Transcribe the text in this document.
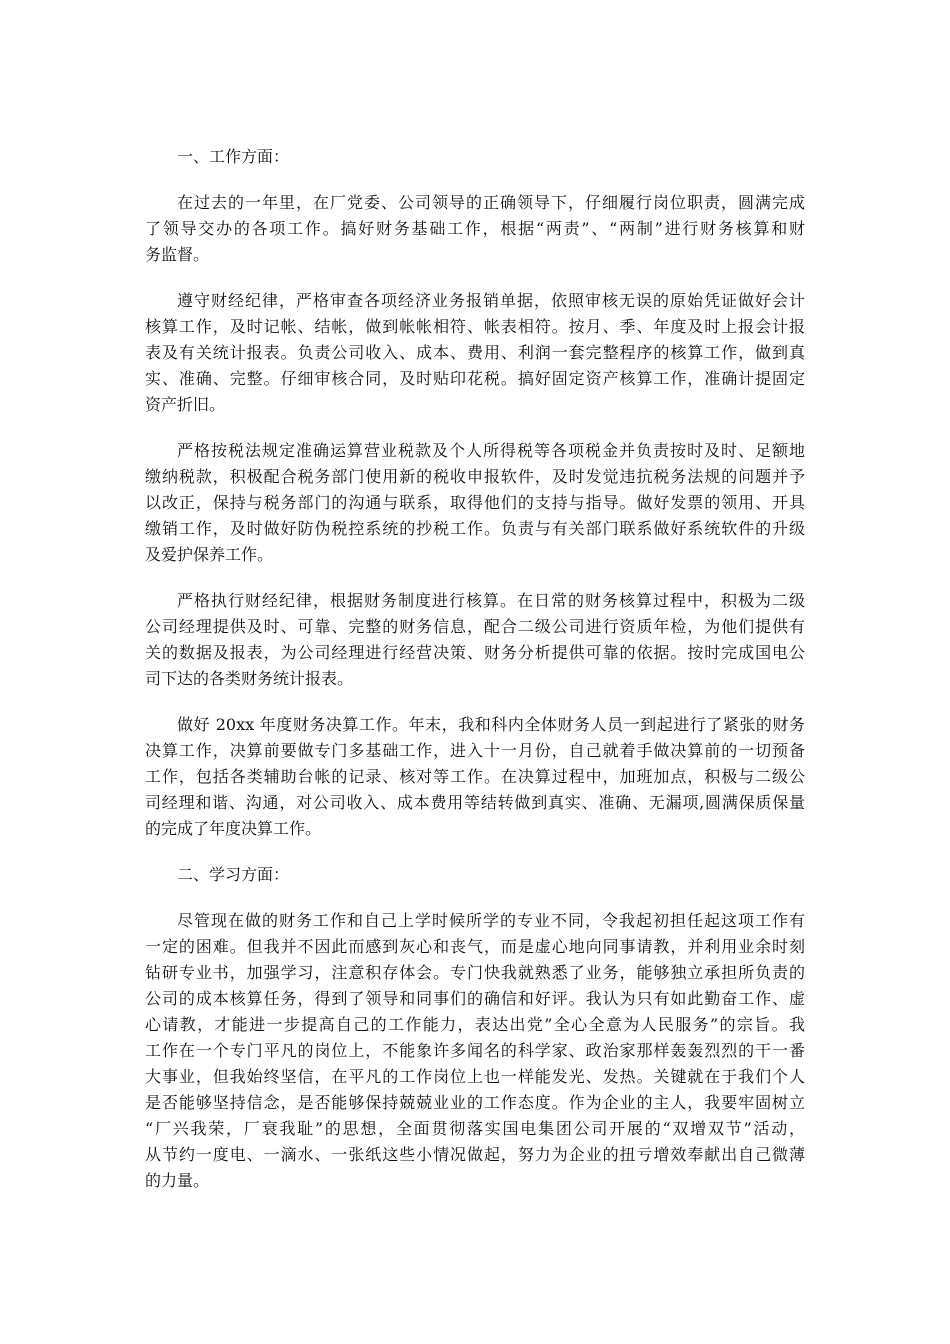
一、工作方面：
在过去的一年里，在厂党委、公司领导的正确领导下，仔细履行岗位职责，圆满完成
了领导交办的各项工作。搞好财务基础工作，根据“两责”、“两制”进行财务核算和财
务监督。
遵守财经纪律，严格审查各项经济业务报销单据，依照审核无误的原始凭证做好会计
核算工作，及时记帐、结帐，做到帐帐相符、帐表相符。按月、季、年度及时上报会计报
表及有关统计报表。负责公司收入、成本、费用、利润一套完整程序的核算工作，做到真
实、准确、完整。仔细审核合同，及时贴印花税。搞好固定资产核算工作，准确计提固定
资产折旧。
严格按税法规定准确运算营业税款及个人所得税等各项税金并负责按时及时、足额地
缴纳税款，积极配合税务部门使用新的税收申报软件，及时发觉违抗税务法规的问题并予
以改正，保持与税务部门的沟通与联系，取得他们的支持与指导。做好发票的领用、开具
缴销工作，及时做好防伪税控系统的抄税工作。负责与有关部门联系做好系统软件的升级
及爱护保养工作。
严格执行财经纪律，根据财务制度进行核算。在日常的财务核算过程中，积极为二级
公司经理提供及时、可靠、完整的财务信息，配合二级公司进行资质年检，为他们提供有
关的数据及报表，为公司经理进行经营决策、财务分析提供可靠的依据。按时完成国电公
司下达的各类财务统计报表。
做好 20xx 年度财务决算工作。年末，我和科内全体财务人员一到起进行了紧张的财务
决算工作，决算前要做专门多基础工作，进入十一月份，自己就着手做决算前的一切预备
工作，包括各类辅助台帐的记录、核对等工作。在决算过程中，加班加点，积极与二级公
司经理和谐、沟通，对公司收入、成本费用等结转做到真实、准确、无漏项,圆满保质保量
的完成了年度决算工作。
二、学习方面：
尽管现在做的财务工作和自己上学时候所学的专业不同，令我起初担任起这项工作有
一定的困难。但我并不因此而感到灰心和丧气，而是虚心地向同事请教，并利用业余时刻
钻研专业书，加强学习，注意积存体会。专门快我就熟悉了业务，能够独立承担所负责的
公司的成本核算任务，得到了领导和同事们的确信和好评。我认为只有如此勤奋工作、虚
心请教，才能进一步提高自己的工作能力，表达出党”全心全意为人民服务”的宗旨。我
工作在一个专门平凡的岗位上，不能象许多闻名的科学家、政治家那样轰轰烈烈的干一番
大事业，但我始终坚信，在平凡的工作岗位上也一样能发光、发热。关键就在于我们个人
是否能够坚持信念，是否能够保持兢兢业业的工作态度。作为企业的主人，我要牢固树立
“厂兴我荣，厂衰我耻”的思想，全面贯彻落实国电集团公司开展的“双增双节”活动，
从节约一度电、一滴水、一张纸这些小情况做起，努力为企业的扭亏增效奉献出自己微薄
的力量。
